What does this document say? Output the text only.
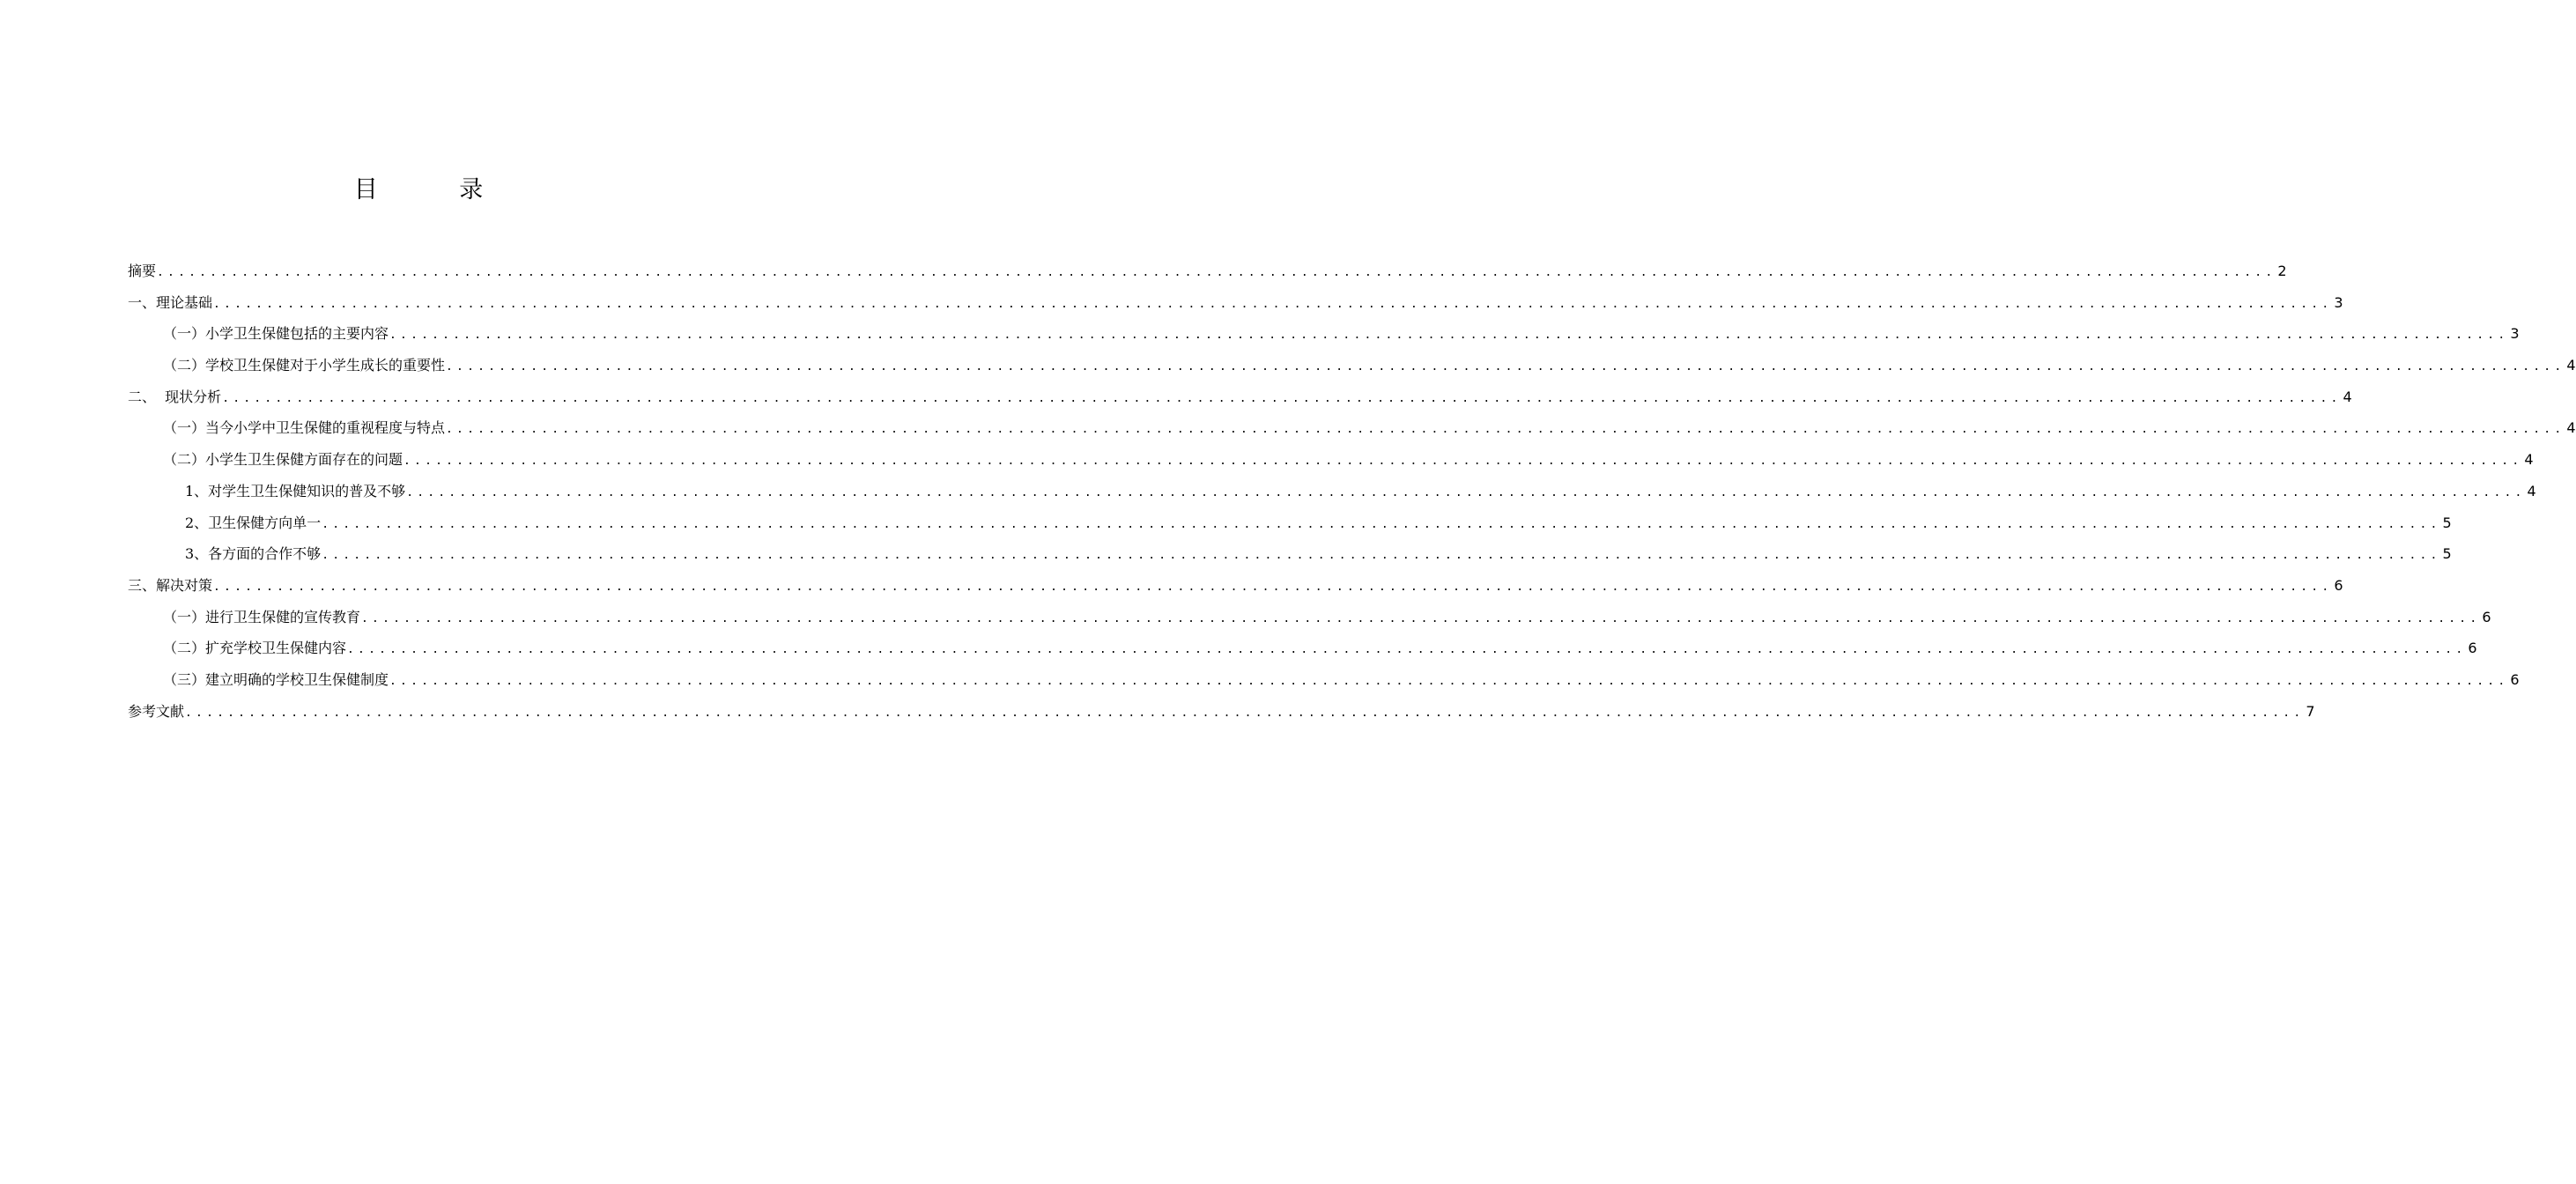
目 录
摘要 ........................................................................................................................................................................................................ 2
一、理论基础 ........................................................................................................................................................................................................ 3
（一）小学卫生保健包括的主要内容 ........................................................................................................................................................................................................ 3
（二）学校卫生保健对于小学生成长的重要性 ........................................................................................................................................................................................................ 4
二、  现状分析 ........................................................................................................................................................................................................ 4
（一）当今小学中卫生保健的重视程度与特点 ........................................................................................................................................................................................................ 4
（二）小学生卫生保健方面存在的问题 ........................................................................................................................................................................................................ 4
1、对学生卫生保健知识的普及不够 ........................................................................................................................................................................................................ 4
2、卫生保健方向单一 ........................................................................................................................................................................................................ 5
3、各方面的合作不够 ........................................................................................................................................................................................................ 5
三、解决对策 ........................................................................................................................................................................................................ 6
（一）进行卫生保健的宣传教育 ........................................................................................................................................................................................................ 6
（二）扩充学校卫生保健内容 ........................................................................................................................................................................................................ 6
（三）建立明确的学校卫生保健制度 ........................................................................................................................................................................................................ 6
参考文献 ........................................................................................................................................................................................................ 7
